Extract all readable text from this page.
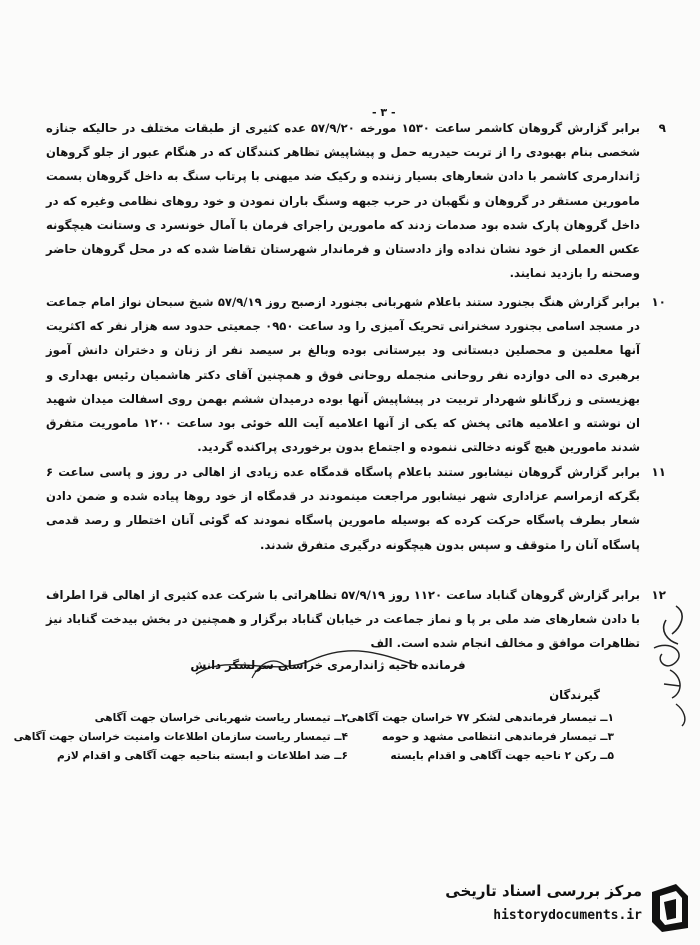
- ٣ -
٩
برابر گزارش گروهان کاشمر ساعت ۱۵۳۰ مورخه ۵۷/۹/۲۰ عده کثیری از طبقات مختلف در حالیکه جنازه شخصی بنام بهبودی را از تربت حیدریه حمل و پیشاپیش تظاهر کنندگان که در هنگام عبور از جلو گروهان ژاندارمری کاشمر با دادن شعارهای بسیار زننده و رکیک ضد میهنی با پرتاب سنگ به داخل گروهان بسمت مامورین مستقر در گروهان و نگهبان در حرب جبهه وسنگ باران نمودن و خود روهای نظامی وغیره که در داخل گروهان پارک شده بود صدمات زدند که مامورین راجرای فرمان با آمال خونسرد ی وستانت هیچگونه عکس العملی از خود نشان نداده واز دادستان و فرماندار شهرستان تقاضا شده که در محل گروهان حاضر وصحنه را بازدید نمایند.
۱۰
برابر گزارش هنگ بجنورد ستند باعلام شهربانی بجنورد ازصبح روز ۵۷/۹/۱۹ شیخ سبحان نواز امام جماعت در مسجد اسامی بجنورد سخنرانی تحریک آمیزی را ود ساعت ۰۹۵۰ جمعیتی حدود سه هزار نفر که اکثریت آنها معلمین و محصلین دبستانی ود بیرستانی بوده وبالغ بر سیصد نفر از زنان و دختران دانش آموز برهبری ده الی دوازده نفر روحانی منجمله روحانی فوق و همچنین آقای دکتر هاشمیان رئیس بهداری و بهزیستی و زرگانلو شهردار تربیت در پیشاپیش آنها بوده درمیدان ششم بهمن روی اسفالت میدان شهید ان نوشته و اعلامیه هائی پخش که یکی از آنها اعلامیه آیت الله خوئی بود ساعت ۱۲۰۰ ماموریت متفرق شدند مامورین هیچ گونه دخالتی ننموده و اجتماع بدون برخوردی پراکنده گردید.
۱۱
برابر گزارش گروهان نیشابور ستند باعلام پاسگاه قدمگاه عده زیادی از اهالی در روز و پاسی ساعت ۶ بگرکه ازمراسم عزاداری شهر نیشابور مراجعت مینمودند در قدمگاه از خود روها پیاده شده و ضمن دادن شعار بطرف پاسگاه حرکت کرده که بوسیله مامورین پاسگاه نمودند که گوئی آنان اختطار و رصد قدمی پاسگاه آنان را متوقف و سپس بدون هیچگونه درگیری متفرق شدند.
۱۲
برابر گزارش گروهان گناباد ساعت ۱۱۲۰ روز ۵۷/۹/۱۹ تظاهراتی با شرکت عده کثیری از اهالی قرا اطراف با دادن شعارهای ضد ملی بر پا و نماز جماعت در خیابان گناباد برگزار و همچنین در بخش بیدخت گناباد نیز تظاهرات موافق و مخالف انجام شده است. الف
فرمانده ناحیه ژاندارمری خراسان سرلشگر دانش
گیرندگان
۱ــ تیمسار فرماندهی لشکر ۷۷ خراسان جهت آگاهی
۳ــ تیمسار فرماندهی انتظامی مشهد و حومه
۵ــ رکن ۲ ناحیه جهت آگاهی و اقدام بایسته
۲ــ تیمسار ریاست شهربانی خراسان جهت آگاهی
۴ــ تیمسار ریاست سازمان اطلاعات وامنیت خراسان جهت آگاهی
۶ــ ضد اطلاعات و ابسته بناحیه جهت آگاهی و اقدام لازم
مرکز بررسی اسناد تاریخی
historydocuments.ir
